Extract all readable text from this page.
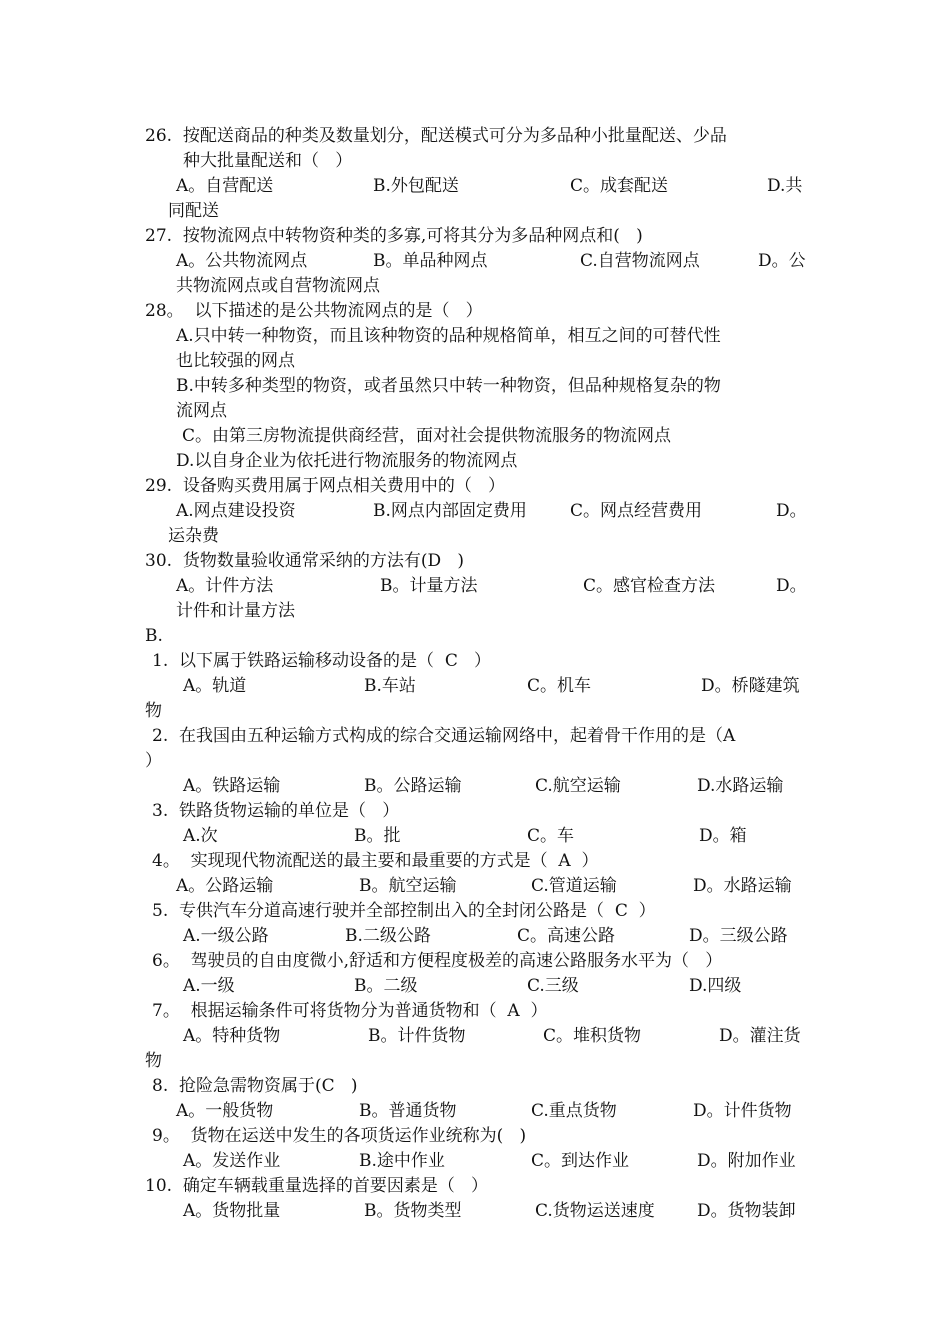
26.  按配送商品的种类及数量划分，配送模式可分为多品种小批量配送、少品
种大批量配送和（   ）
A。自营配送	B.外包配送	C。成套配送	D.共
同配送
27.  按物流网点中转物资种类的多寡,可将其分为多品种网点和(   )
A。公共物流网点	B。单品种网点	C.自营物流网点	D。公
共物流网点或自营物流网点
28。  以下描述的是公共物流网点的是（   ）
A.只中转一种物资，而且该种物资的品种规格简单，相互之间的可替代性
也比较强的网点
B.中转多种类型的物资，或者虽然只中转一种物资，但品种规格复杂的物
流网点
C。由第三房物流提供商经营，面对社会提供物流服务的物流网点
D.以自身企业为依托进行物流服务的物流网点
29.  设备购买费用属于网点相关费用中的（   ）
A.网点建设投资	B.网点内部固定费用	C。网点经营费用	D。
运杂费
30.  货物数量验收通常采纳的方法有(D   )
A。计件方法	B。计量方法	C。感官检查方法	D。
计件和计量方法
B.
1.  以下属于铁路运输移动设备的是（  C   ）
A。轨道	B.车站	C。机车	D。桥隧建筑
物
2.  在我国由五种运输方式构成的综合交通运输网络中，起着骨干作用的是（A
）
A。铁路运输	B。公路运输	C.航空运输	D.水路运输
3.  铁路货物运输的单位是（   ）
A.次	B。批	C。车	D。箱
4。  实现现代物流配送的最主要和最重要的方式是（  A  ）
A。公路运输	B。航空运输	C.管道运输	D。水路运输
5.  专供汽车分道高速行驶并全部控制出入的全封闭公路是（  C  ）
A.一级公路	B.二级公路	C。高速公路	D。三级公路
6。  驾驶员的自由度微小,舒适和方便程度极差的高速公路服务水平为（   ）
A.一级	B。二级	C.三级	D.四级
7。  根据运输条件可将货物分为普通货物和（  A  ）
A。特种货物	B。计件货物	C。堆积货物	D。灌注货
物
8.  抢险急需物资属于(C   )
A。一般货物	B。普通货物	C.重点货物	D。计件货物
9。  货物在运送中发生的各项货运作业统称为(   )
A。发送作业	B.途中作业	C。到达作业	D。附加作业
10.  确定车辆载重量选择的首要因素是（   ）
A。货物批量	B。货物类型	C.货物运送速度 D。货物装卸
